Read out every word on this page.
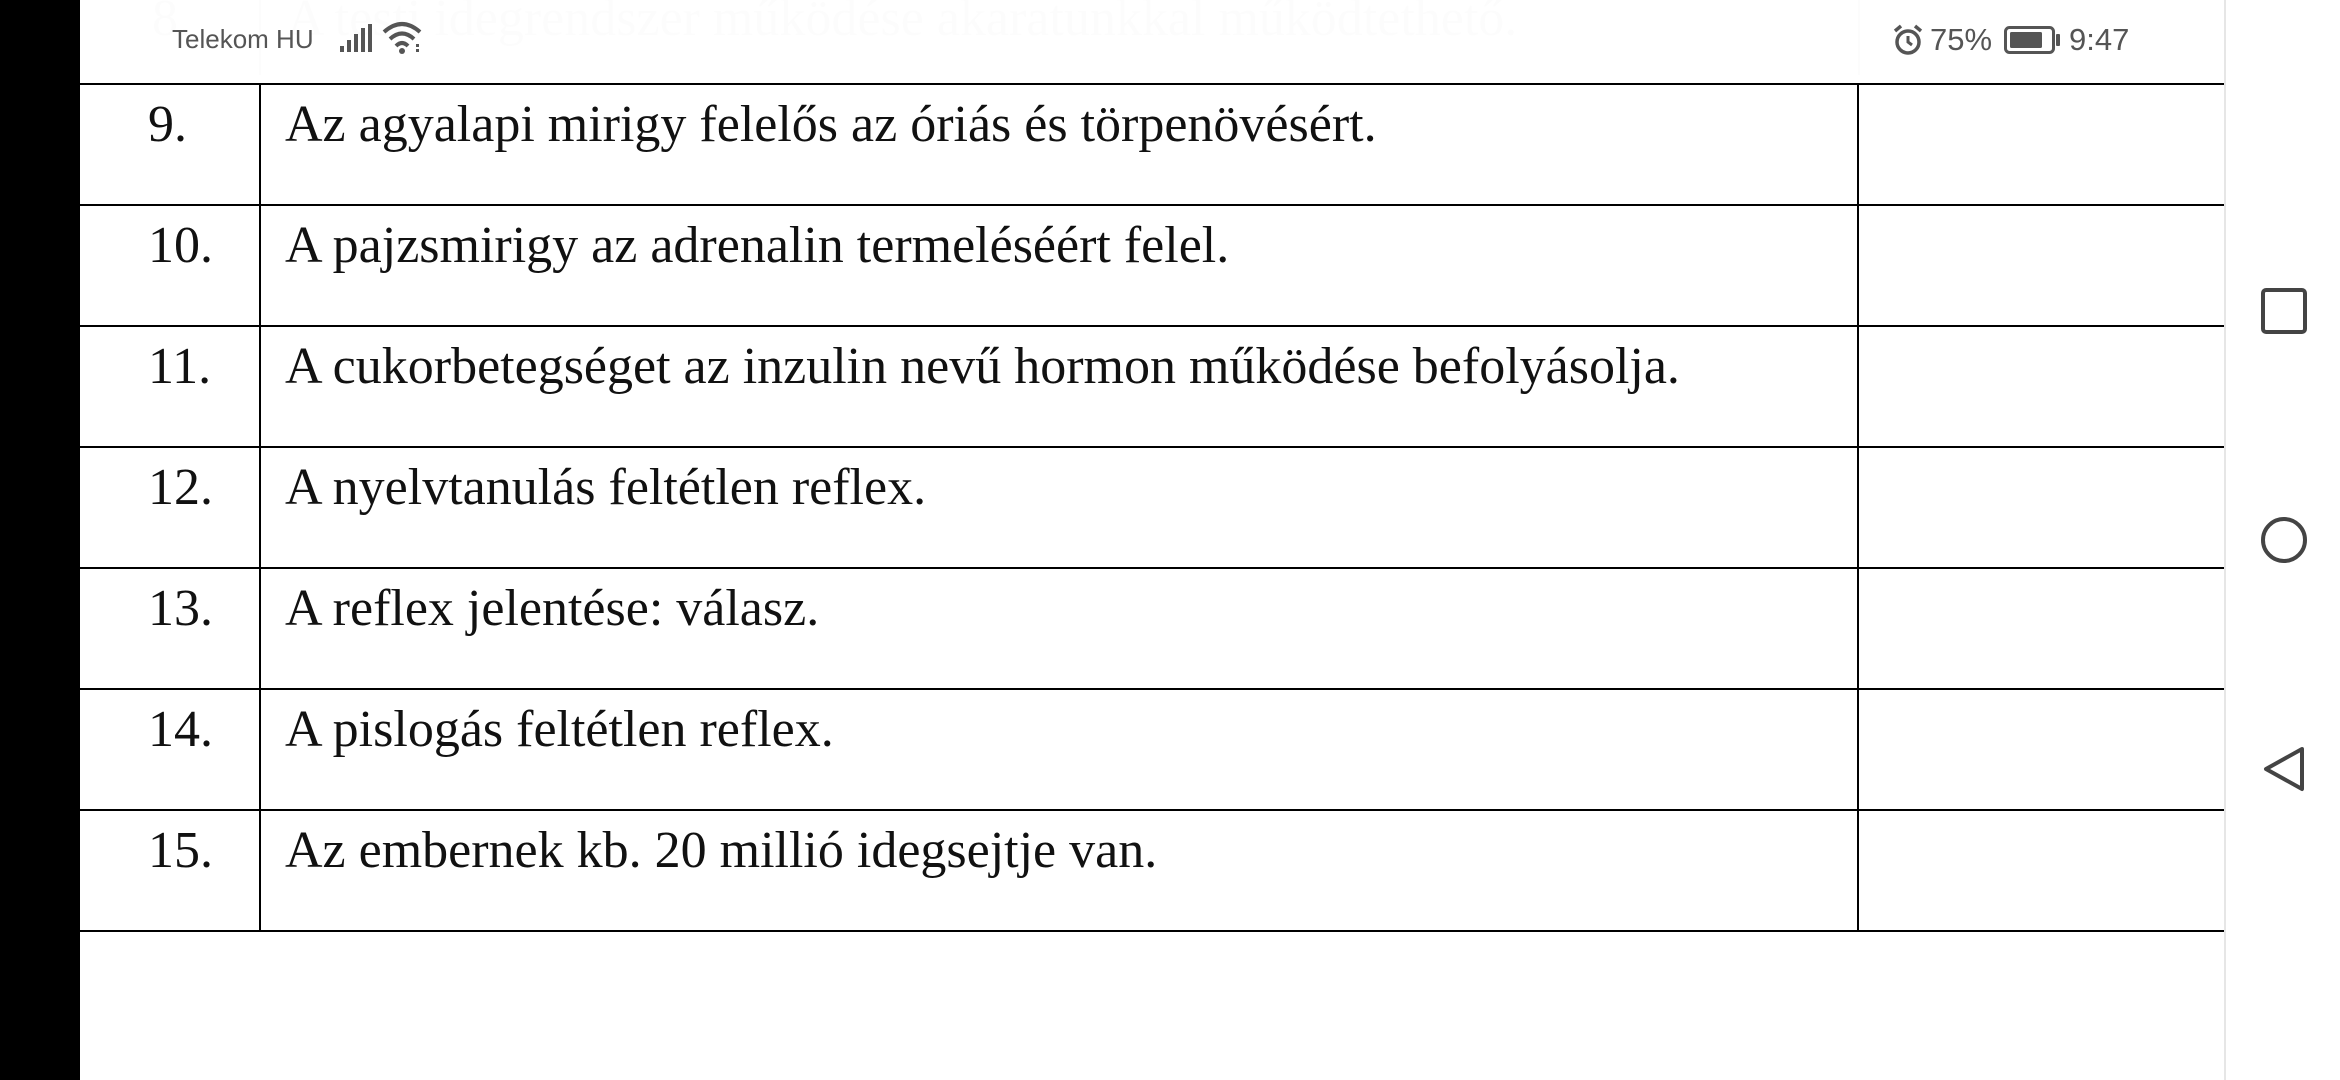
9.	Az agyalapi mirigy felelős az óriás és törpenövésért.	
10.	A pajzsmirigy az adrenalin termeléséért felel.	
11.	A cukorbetegséget az inzulin nevű hormon működése befolyásolja.	
12.	A nyelvtanulás feltétlen reflex.	
13.	A reflex jelentése: válasz.	
14.	A pislogás feltétlen reflex.	
15.	Az embernek kb. 20 millió idegsejtje van.	
Telekom HU	75% 9:47
